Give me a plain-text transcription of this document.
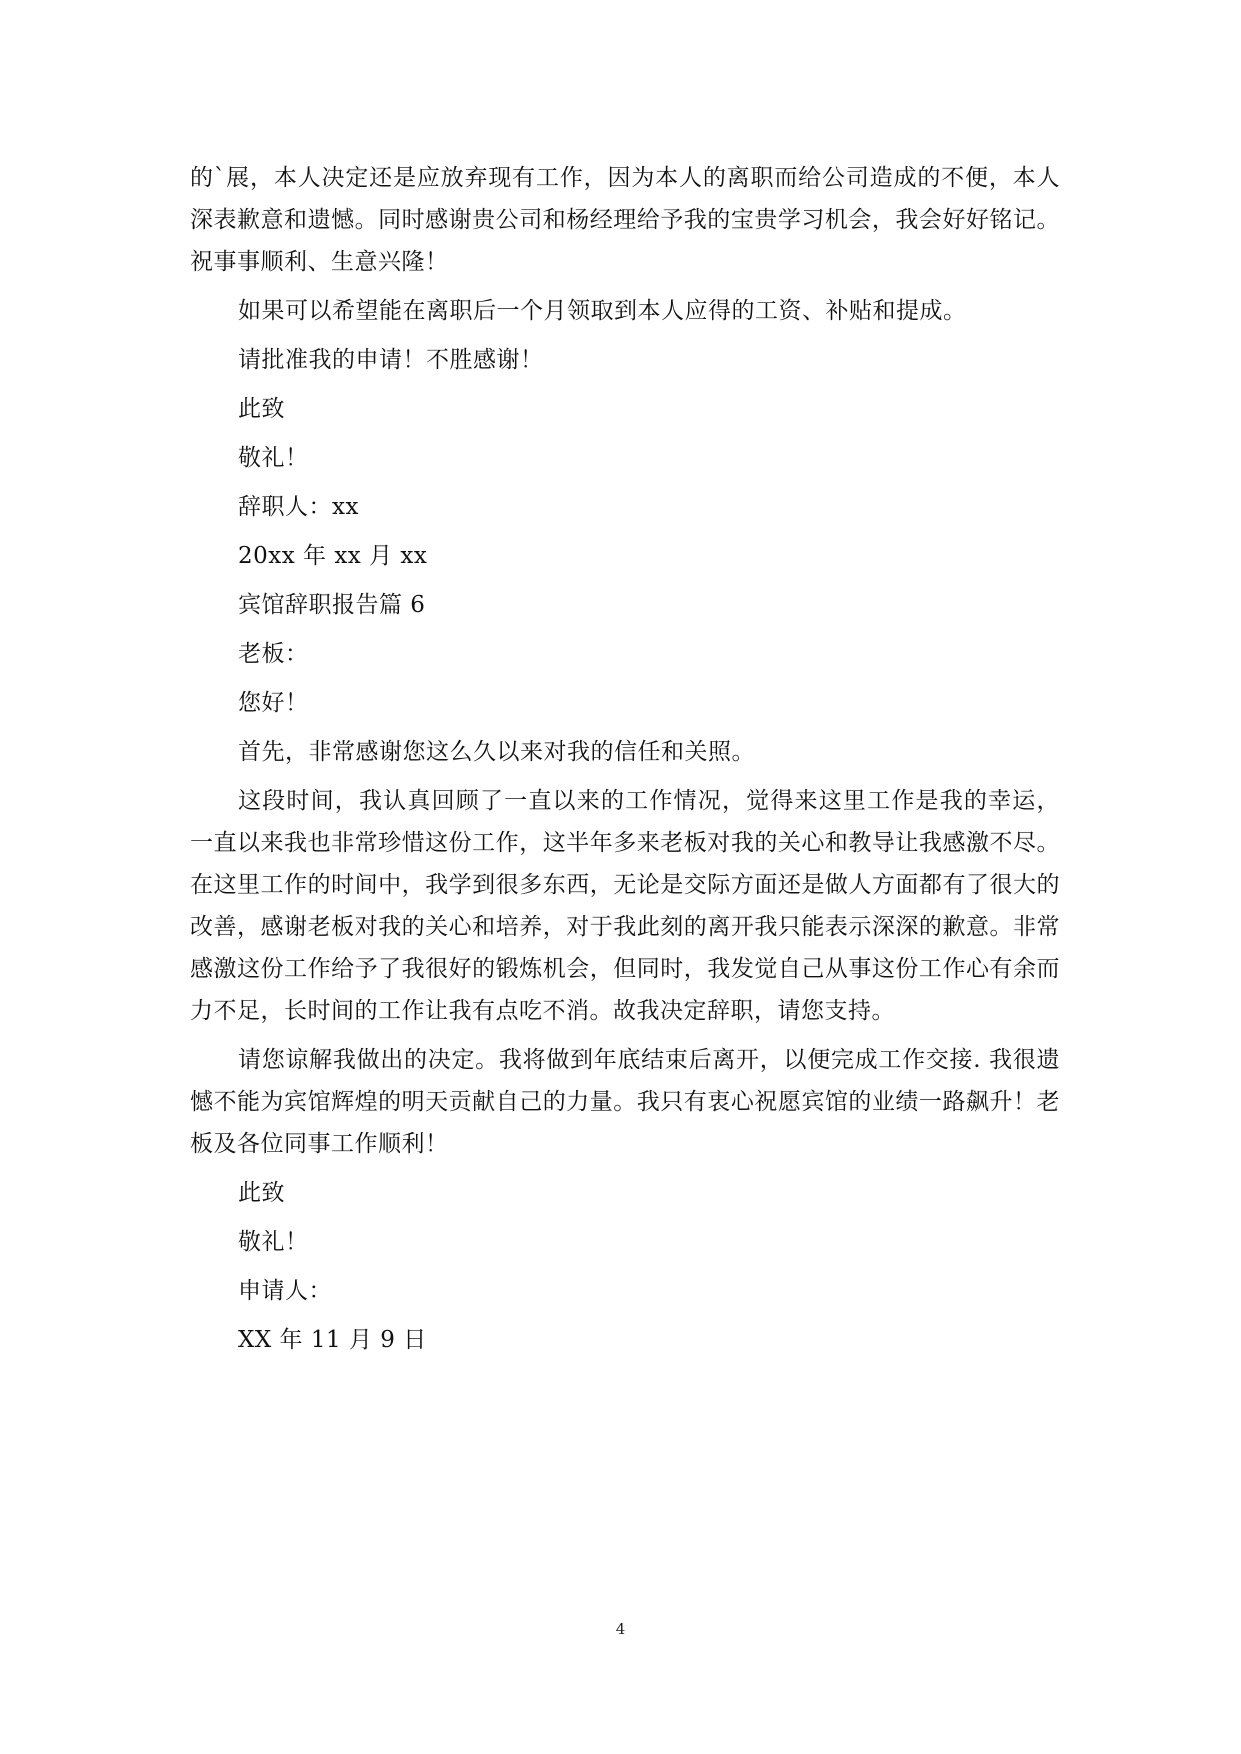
的`展，本人决定还是应放弃现有工作，因为本人的离职而给公司造成的不便，本人深表歉意和遗憾。同时感谢贵公司和杨经理给予我的宝贵学习机会，我会好好铭记。祝事事顺利、生意兴隆！

如果可以希望能在离职后一个月领取到本人应得的工资、补贴和提成。

请批准我的申请！不胜感谢！

此致

敬礼！

辞职人：xx

20xx 年 xx 月 xx

宾馆辞职报告篇 6

老板：

您好！

首先，非常感谢您这么久以来对我的信任和关照。

这段时间，我认真回顾了一直以来的工作情况，觉得来这里工作是我的幸运，一直以来我也非常珍惜这份工作，这半年多来老板对我的关心和教导让我感激不尽。在这里工作的时间中，我学到很多东西，无论是交际方面还是做人方面都有了很大的改善，感谢老板对我的关心和培养，对于我此刻的离开我只能表示深深的歉意。非常感激这份工作给予了我很好的锻炼机会，但同时，我发觉自己从事这份工作心有余而力不足，长时间的工作让我有点吃不消。故我决定辞职，请您支持。

请您谅解我做出的决定。我将做到年底结束后离开，以便完成工作交接. 我很遗憾不能为宾馆辉煌的明天贡献自己的力量。我只有衷心祝愿宾馆的业绩一路飙升！老板及各位同事工作顺利！

此致

敬礼！

申请人：

XX 年 11 月 9 日

4
